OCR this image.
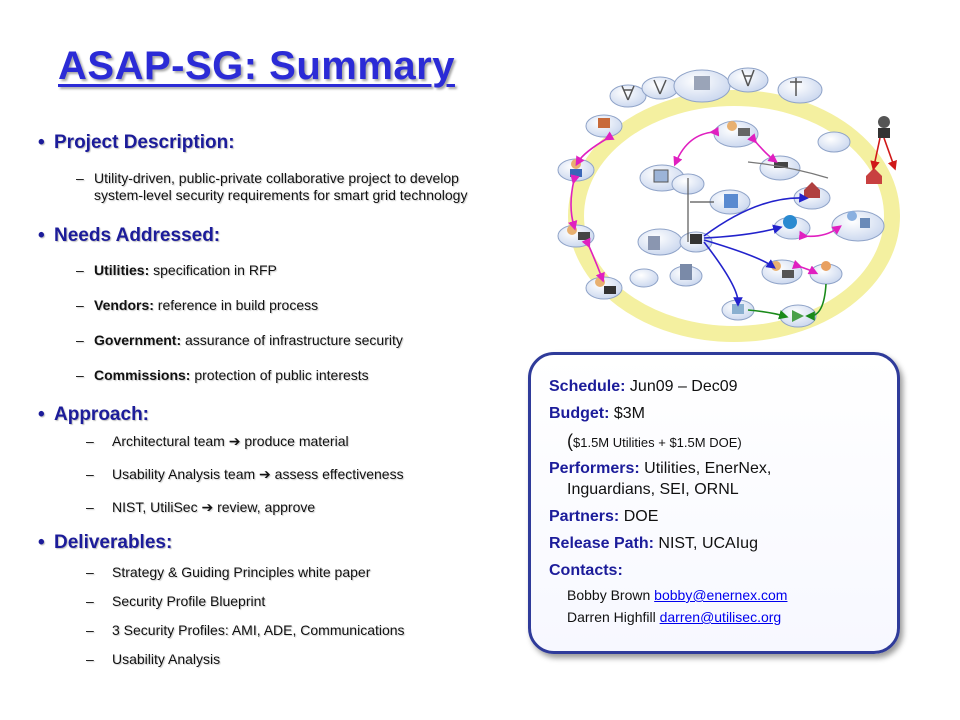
ASAP-SG: Summary
• Project Description:
– Utility-driven, public-private collaborative project to develop
system-level security requirements for smart grid technology
• Needs Addressed:
– Utilities: specification in RFP
– Vendors: reference in build process
– Government: assurance of infrastructure security
– Commissions: protection of public interests
• Approach:
– Architectural team ➔ produce material
– Usability Analysis team ➔ assess effectiveness
– NIST, UtiliSec ➔ review, approve
• Deliverables:
– Strategy & Guiding Principles white paper
– Security Profile Blueprint
– 3 Security Profiles: AMI, ADE, Communications
– Usability Analysis
Schedule: Jun09 – Dec09
Budget: $3M
($1.5M Utilities + $1.5M DOE)
Performers: Utilities, EnerNex,
Inguardians, SEI, ORNL
Partners: DOE
Release Path: NIST, UCAIug
Contacts:
Bobby Brown bobby@enernex.com
Darren Highfill darren@utilisec.org
